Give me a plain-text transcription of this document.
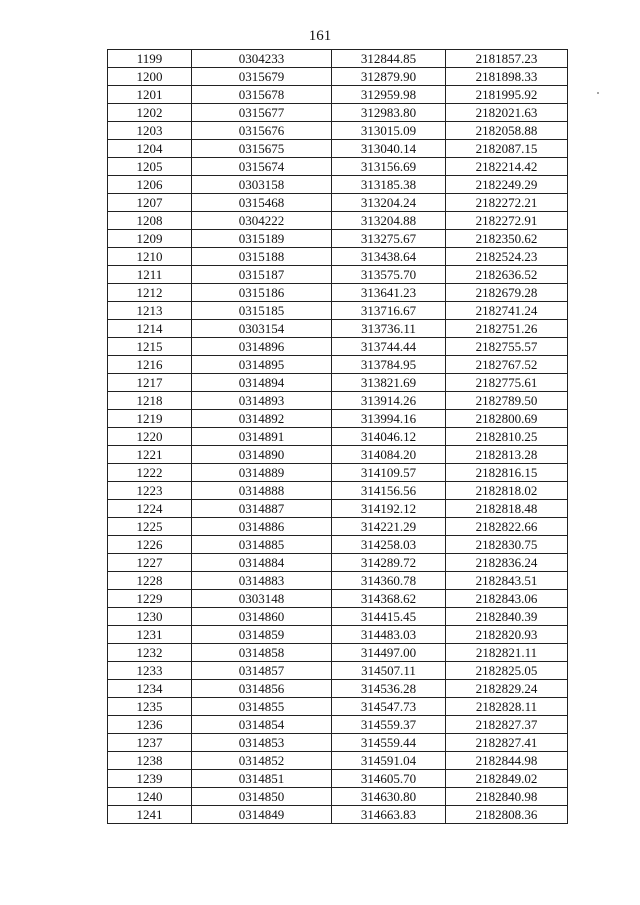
161
1199	0304233	312844.85	2181857.23
1200	0315679	312879.90	2181898.33
1201	0315678	312959.98	2181995.92
1202	0315677	312983.80	2182021.63
1203	0315676	313015.09	2182058.88
1204	0315675	313040.14	2182087.15
1205	0315674	313156.69	2182214.42
1206	0303158	313185.38	2182249.29
1207	0315468	313204.24	2182272.21
1208	0304222	313204.88	2182272.91
1209	0315189	313275.67	2182350.62
1210	0315188	313438.64	2182524.23
1211	0315187	313575.70	2182636.52
1212	0315186	313641.23	2182679.28
1213	0315185	313716.67	2182741.24
1214	0303154	313736.11	2182751.26
1215	0314896	313744.44	2182755.57
1216	0314895	313784.95	2182767.52
1217	0314894	313821.69	2182775.61
1218	0314893	313914.26	2182789.50
1219	0314892	313994.16	2182800.69
1220	0314891	314046.12	2182810.25
1221	0314890	314084.20	2182813.28
1222	0314889	314109.57	2182816.15
1223	0314888	314156.56	2182818.02
1224	0314887	314192.12	2182818.48
1225	0314886	314221.29	2182822.66
1226	0314885	314258.03	2182830.75
1227	0314884	314289.72	2182836.24
1228	0314883	314360.78	2182843.51
1229	0303148	314368.62	2182843.06
1230	0314860	314415.45	2182840.39
1231	0314859	314483.03	2182820.93
1232	0314858	314497.00	2182821.11
1233	0314857	314507.11	2182825.05
1234	0314856	314536.28	2182829.24
1235	0314855	314547.73	2182828.11
1236	0314854	314559.37	2182827.37
1237	0314853	314559.44	2182827.41
1238	0314852	314591.04	2182844.98
1239	0314851	314605.70	2182849.02
1240	0314850	314630.80	2182840.98
1241	0314849	314663.83	2182808.36
